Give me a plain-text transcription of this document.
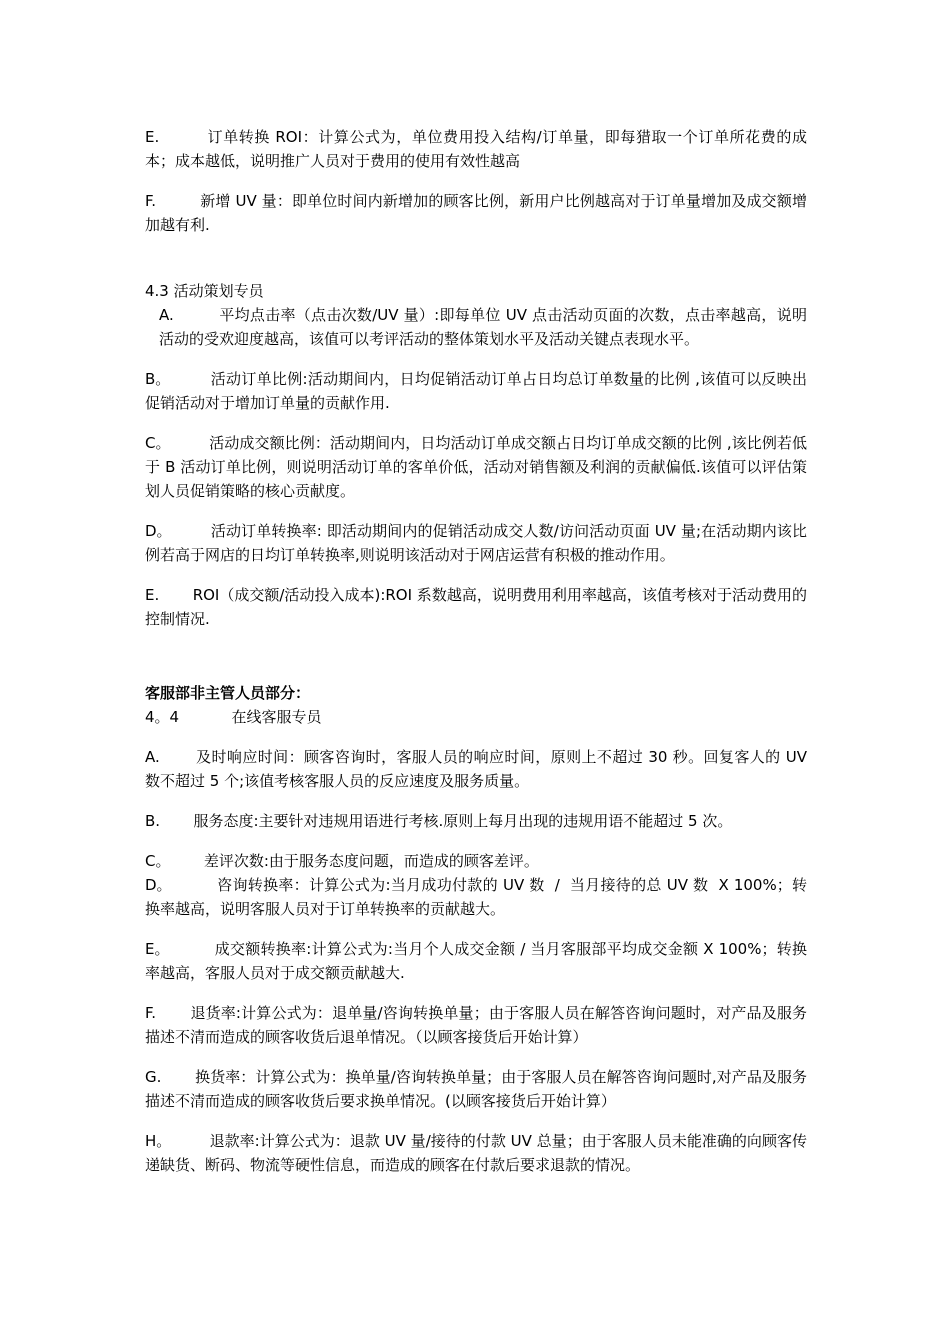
E.	订单转换 ROI：计算公式为，单位费用投入结构/订单量，即每猎取一个订单所花费的成本；成本越低，说明推广人员对于费用的使用有效性越高

F.	新增 UV 量：即单位时间内新增加的顾客比例，新用户比例越高对于订单量增加及成交额增加越有利.

4.3 活动策划专员

A.	平均点击率（点击次数/UV 量）:即每单位 UV 点击活动页面的次数，点击率越高，说明活动的受欢迎度越高，该值可以考评活动的整体策划水平及活动关键点表现水平。

B。	活动订单比例:活动期间内，日均促销活动订单占日均总订单数量的比例 ,该值可以反映出促销活动对于增加订单量的贡献作用.

C。	活动成交额比例：活动期间内，日均活动订单成交额占日均订单成交额的比例 ,该比例若低于 B 活动订单比例，则说明活动订单的客单价低，活动对销售额及利润的贡献偏低.该值可以评估策划人员促销策略的核心贡献度。

D。	活动订单转换率: 即活动期间内的促销活动成交人数/访问活动页面 UV 量;在活动期内该比例若高于网店的日均订单转换率,则说明该活动对于网店运营有积极的推动作用。

E. ROI（成交额/活动投入成本):ROI 系数越高，说明费用利用率越高，该值考核对于活动费用的控制情况.

客服部非主管人员部分：

4。4           在线客服专员

A. 及时响应时间：顾客咨询时，客服人员的响应时间，原则上不超过 30 秒。回复客人的 UV 数不超过 5 个;该值考核客服人员的反应速度及服务质量。

B. 服务态度:主要针对违规用语进行考核.原则上每月出现的违规用语不能超过 5 次。

C。 差评次数:由于服务态度问题，而造成的顾客差评。

D。	咨询转换率：计算公式为:当月成功付款的 UV 数  /  当月接待的总 UV 数  X 100%；转换率越高，说明客服人员对于订单转换率的贡献越大。

E。	成交额转换率:计算公式为:当月个人成交金额 / 当月客服部平均成交金额 X 100%；转换率越高，客服人员对于成交额贡献越大.

F. 退货率:计算公式为：退单量/咨询转换单量；由于客服人员在解答咨询问题时，对产品及服务描述不清而造成的顾客收货后退单情况。（以顾客接货后开始计算）

G. 换货率：计算公式为：换单量/咨询转换单量；由于客服人员在解答咨询问题时,对产品及服务描述不清而造成的顾客收货后要求换单情况。(以顾客接货后开始计算）

H。	退款率:计算公式为：退款 UV 量/接待的付款 UV 总量；由于客服人员未能准确的向顾客传递缺货、断码、物流等硬性信息，而造成的顾客在付款后要求退款的情况。
